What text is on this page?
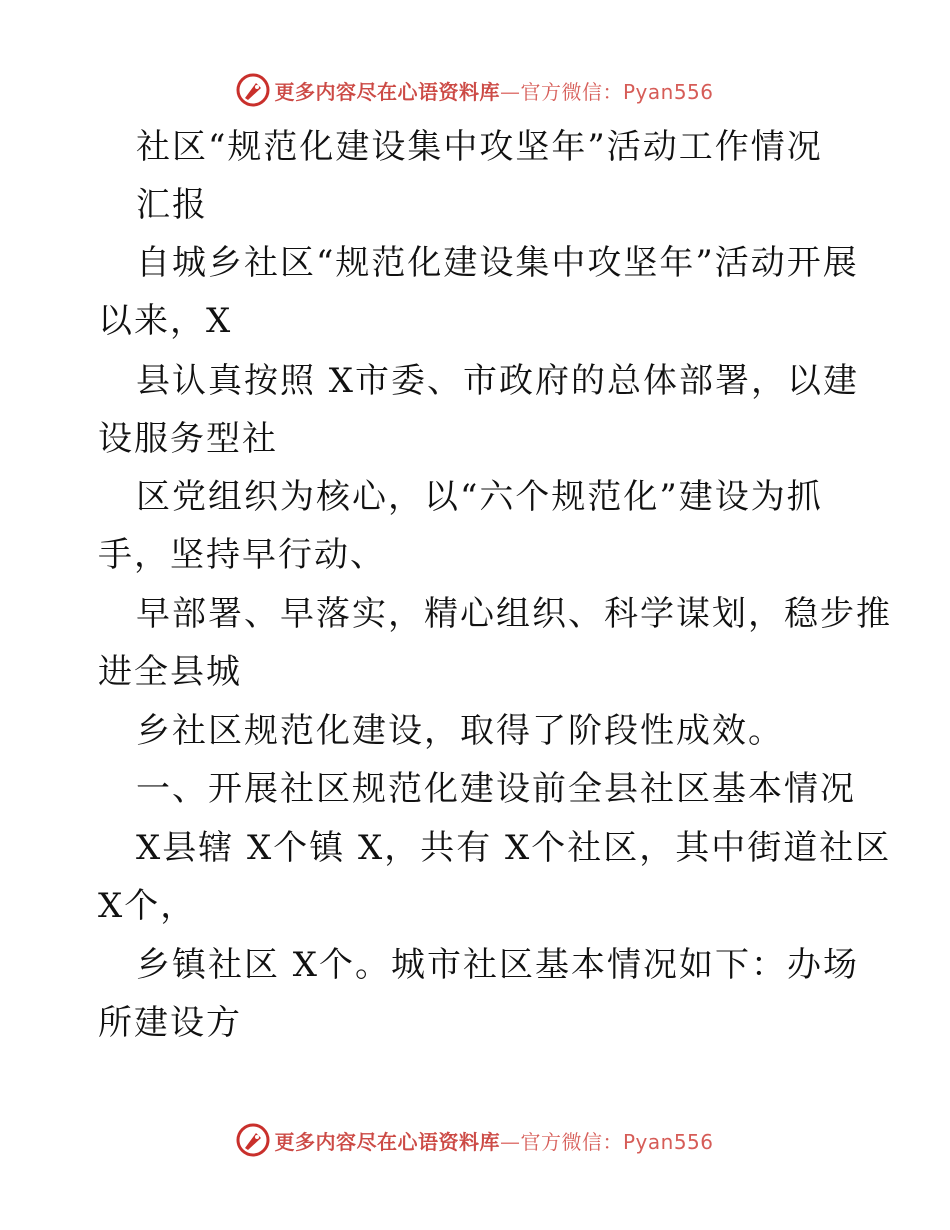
更多内容尽在心语资料库—官方微信：Pyan556
社区“规范化建设集中攻坚年”活动工作情况
汇报
自城乡社区“规范化建设集中攻坚年”活动开展
以来，X
县认真按照 X市委、市政府的总体部署，以建
设服务型社
区党组织为核心，以“六个规范化”建设为抓
手，坚持早行动、
早部署、早落实，精心组织、科学谋划，稳步推
进全县城
乡社区规范化建设，取得了阶段性成效。
一、开展社区规范化建设前全县社区基本情况
X县辖 X个镇 X，共有 X个社区，其中街道社区
X个，
乡镇社区 X个。城市社区基本情况如下：办场
所建设方
更多内容尽在心语资料库—官方微信：Pyan556
